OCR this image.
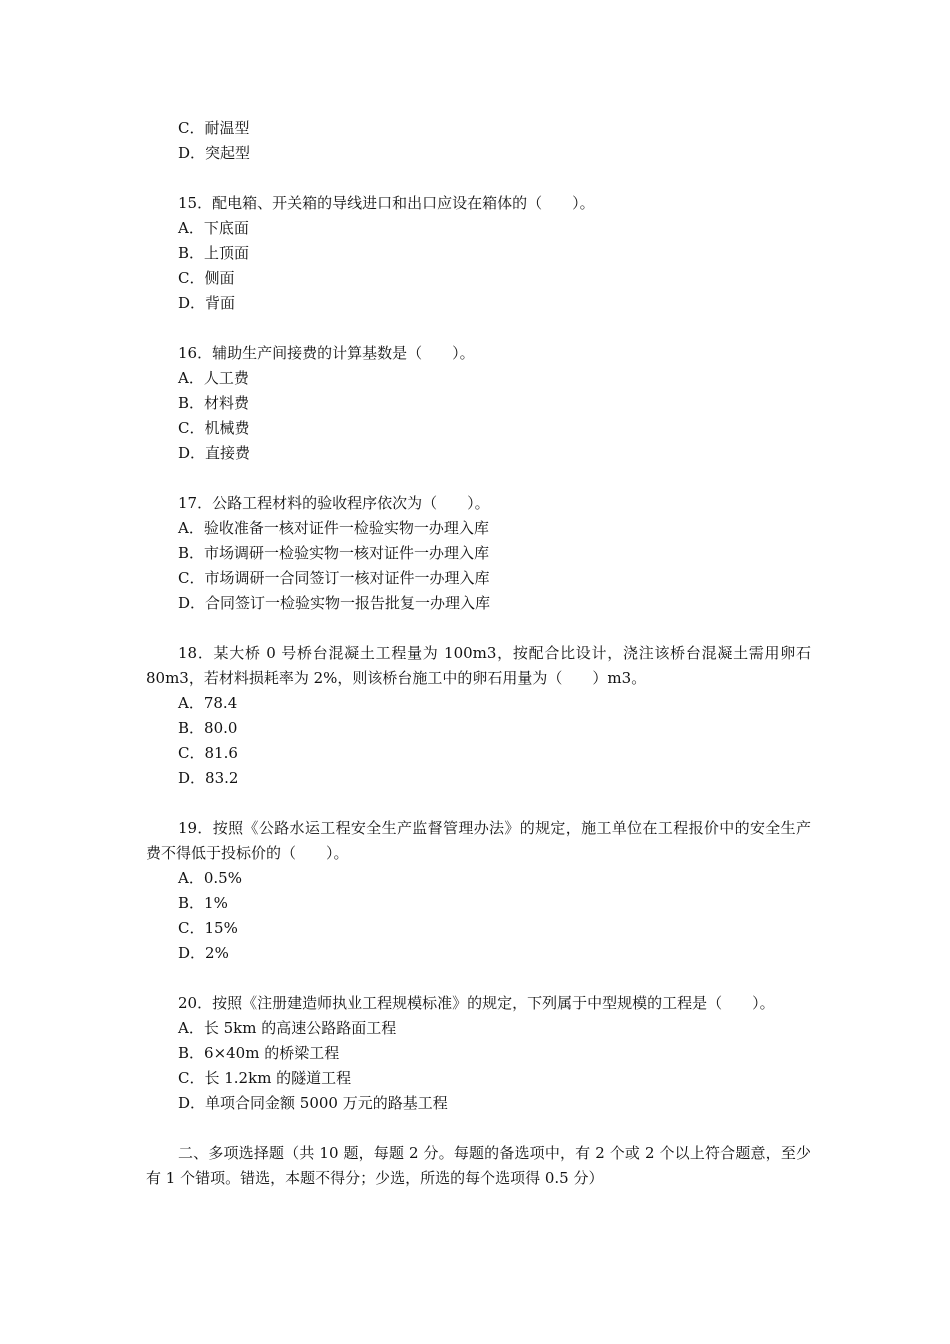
C．耐温型
D．突起型
15．配电箱、开关箱的导线进口和出口应设在箱体的（　　）。
A．下底面
B．上顶面
C．侧面
D．背面
16．辅助生产间接费的计算基数是（　　）。
A．人工费
B．材料费
C．机械费
D．直接费
17．公路工程材料的验收程序依次为（　　）。
A．验收准备一核对证件一检验实物一办理入库
B．市场调研一检验实物一核对证件一办理入库
C．市场调研一合同签订一核对证件一办理入库
D．合同签订一检验实物一报告批复一办理入库
18．某大桥 0 号桥台混凝土工程量为 100m3，按配合比设计，浇注该桥台混凝土需用卵石 80m3，若材料损耗率为 2%，则该桥台施工中的卵石用量为（　　）m3。
A．78.4
B．80.0
C．81.6
D．83.2
19．按照《公路水运工程安全生产监督管理办法》的规定，施工单位在工程报价中的安全生产费不得低于投标价的（　　）。
A．0.5%
B．1%
C．15%
D．2%
20．按照《注册建造师执业工程规模标准》的规定，下列属于中型规模的工程是（　　）。
A．长 5km 的高速公路路面工程
B．6×40m 的桥梁工程
C．长 1.2km 的隧道工程
D．单项合同金额 5000 万元的路基工程
二、多项选择题（共 10 题，每题 2 分。每题的备选项中，有 2 个或 2 个以上符合题意，至少有 1 个错项。错选，本题不得分；少选，所选的每个选项得 0.5 分）
